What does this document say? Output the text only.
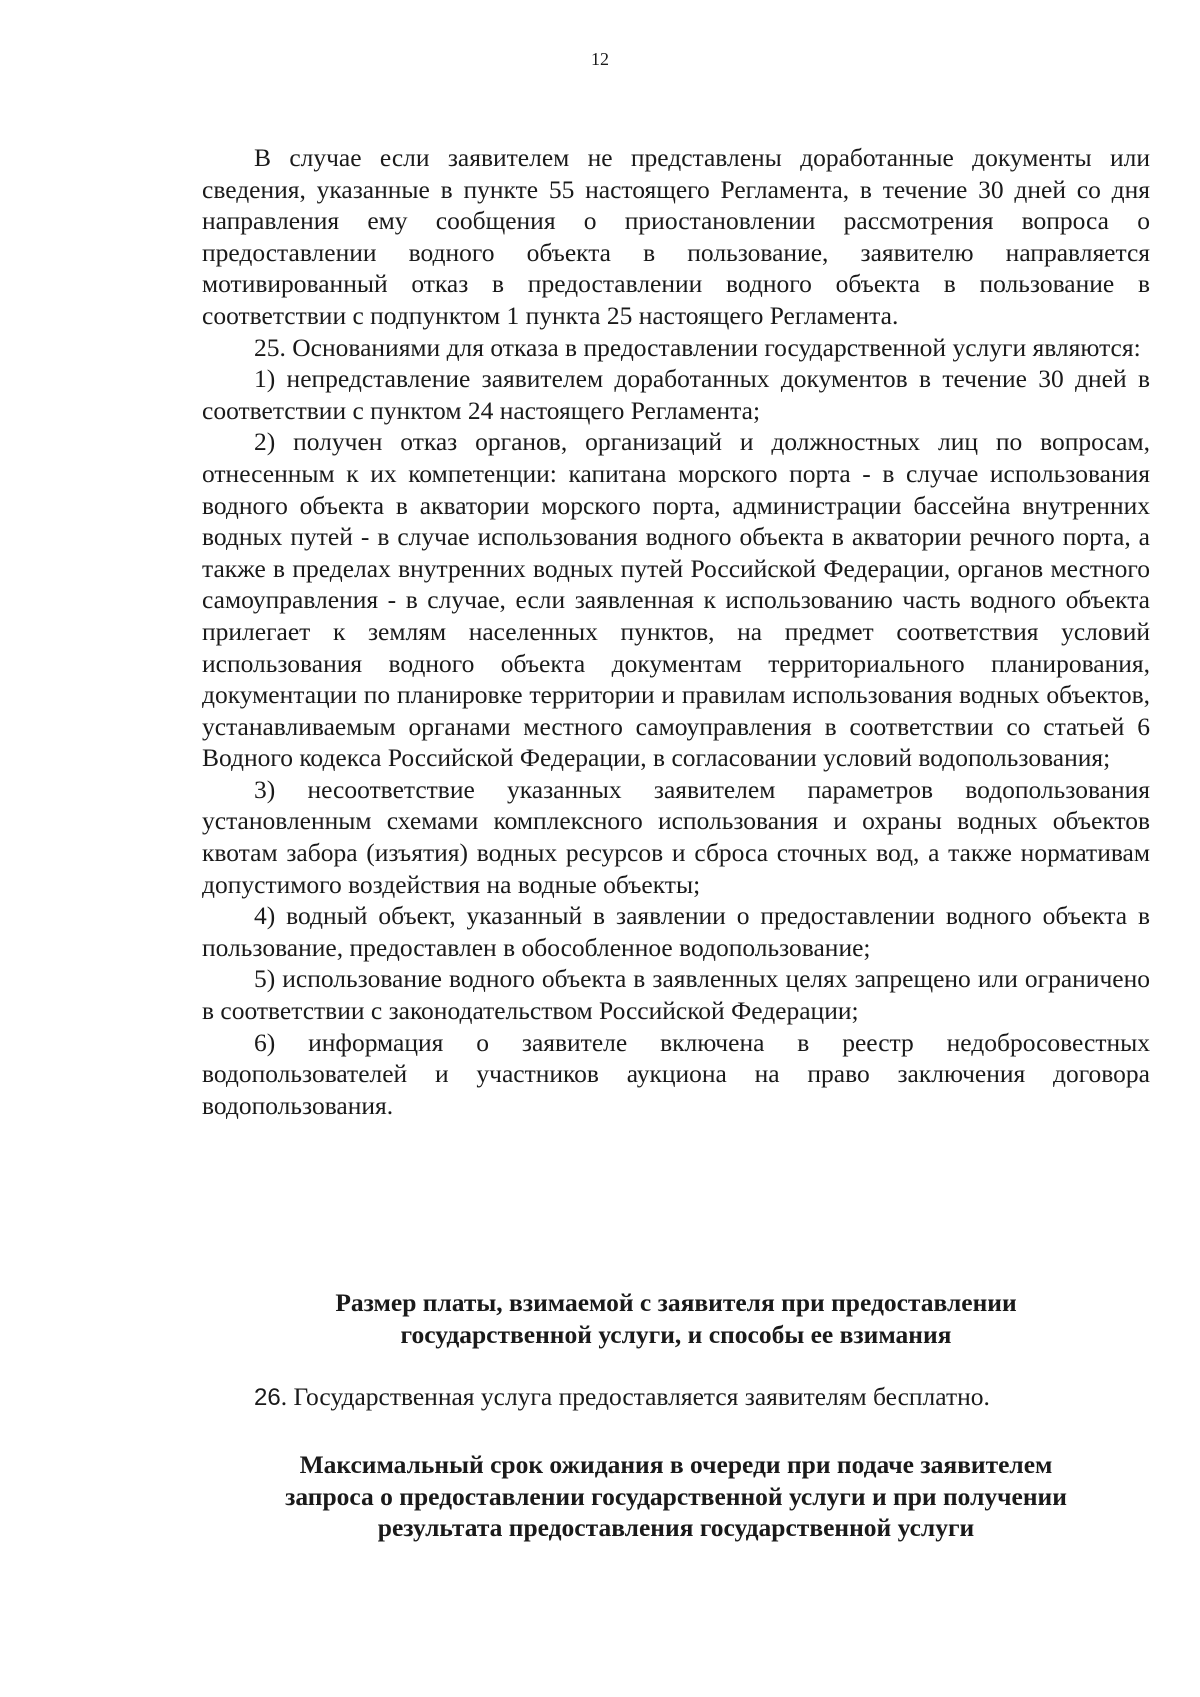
12

В случае если заявителем не представлены доработанные документы или сведения, указанные в пункте 55 настоящего Регламента, в течение 30 дней со дня направления ему сообщения о приостановлении рассмотрения вопроса о предоставлении водного объекта в пользование, заявителю направляется мотивированный отказ в предоставлении водного объекта в пользование в соответствии с подпунктом 1 пункта 25 настоящего Регламента.

25. Основаниями для отказа в предоставлении государственной услуги являются:

1) непредставление заявителем доработанных документов в течение 30 дней в соответствии с пунктом 24 настоящего Регламента;

2) получен отказ органов, организаций и должностных лиц по вопросам, отнесенным к их компетенции: капитана морского порта - в случае использования водного объекта в акватории морского порта, администрации бассейна внутренних водных путей - в случае использования водного объекта в акватории речного порта, а также в пределах внутренних водных путей Российской Федерации, органов местного самоуправления - в случае, если заявленная к использованию часть водного объекта прилегает к землям населенных пунктов, на предмет соответствия условий использования водного объекта документам территориального планирования, документации по планировке территории и правилам использования водных объектов, устанавливаемым органами местного самоуправления в соответствии со статьей 6 Водного кодекса Российской Федерации, в согласовании условий водопользования;

3) несоответствие указанных заявителем параметров водопользования установленным схемами комплексного использования и охраны водных объектов квотам забора (изъятия) водных ресурсов и сброса сточных вод, а также нормативам допустимого воздействия на водные объекты;

4) водный объект, указанный в заявлении о предоставлении водного объекта в пользование, предоставлен в обособленное водопользование;

5) использование водного объекта в заявленных целях запрещено или ограничено в соответствии с законодательством Российской Федерации;

6) информация о заявителе включена в реестр недобросовестных водопользователей и участников аукциона на право заключения договора водопользования.

Размер платы, взимаемой с заявителя при предоставлении
государственной услуги, и способы ее взимания

26. Государственная услуга предоставляется заявителям бесплатно.

Максимальный срок ожидания в очереди при подаче заявителем
запроса о предоставлении государственной услуги и при получении
результата предоставления государственной услуги
